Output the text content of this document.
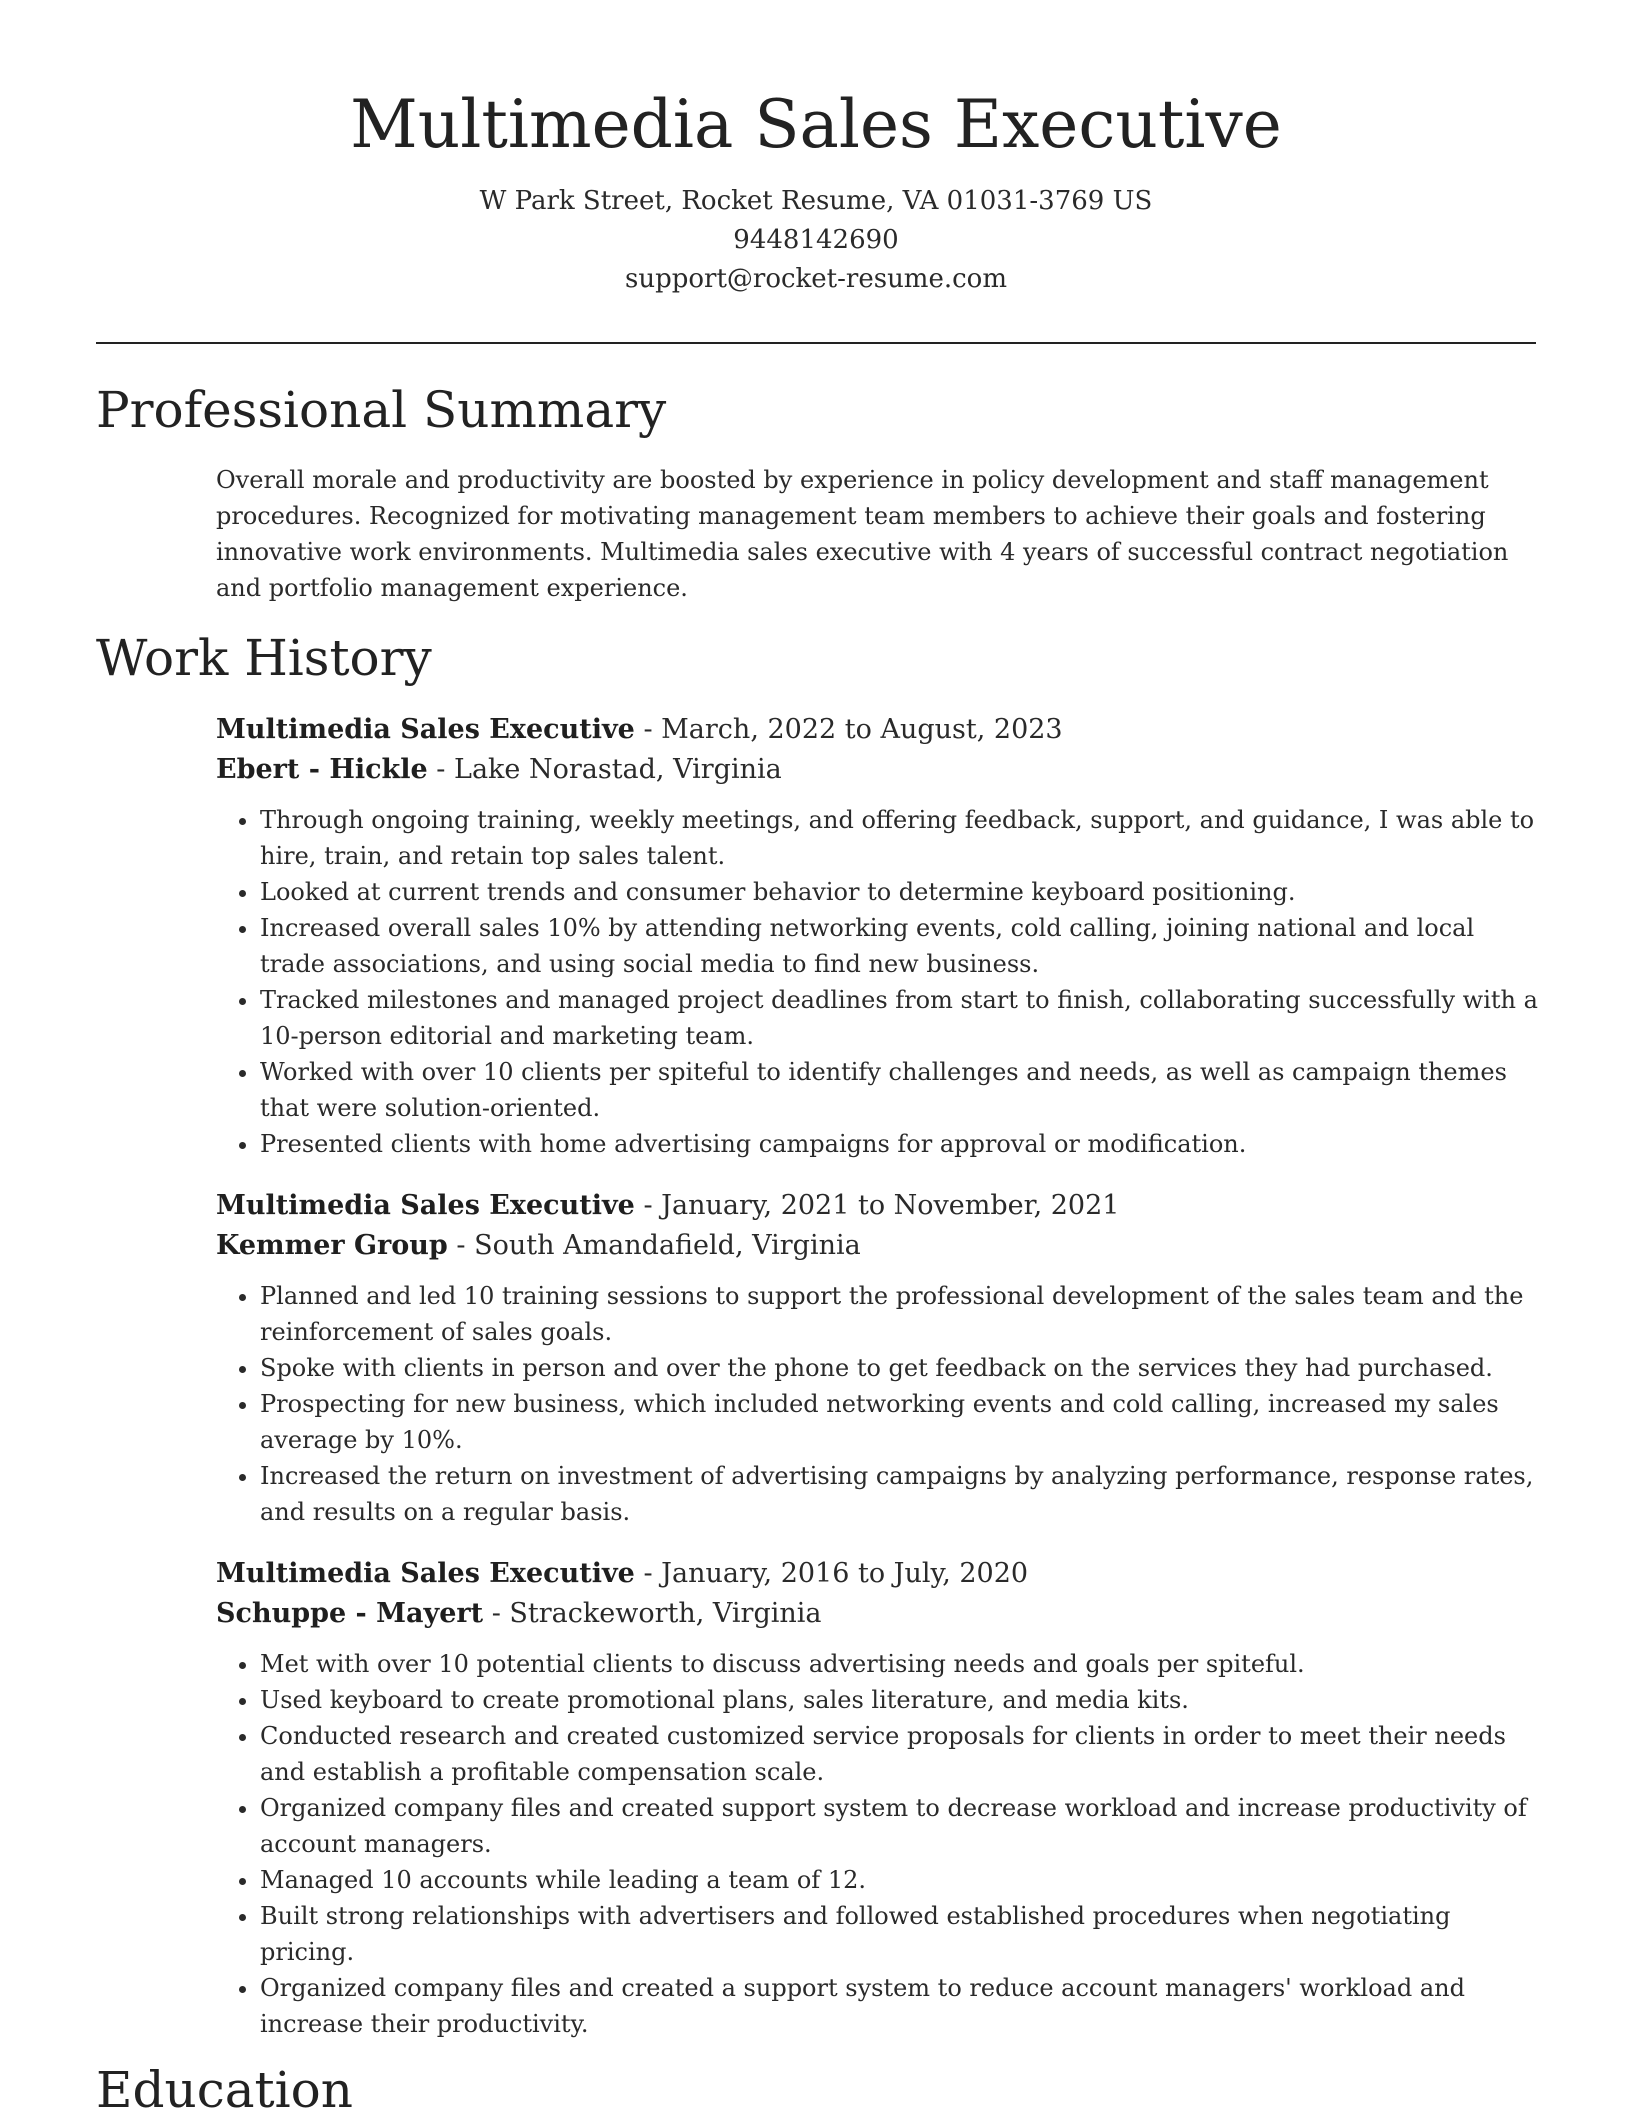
Multimedia Sales Executive
W Park Street, Rocket Resume, VA 01031-3769 US
9448142690
support@rocket-resume.com
Professional Summary

Overall morale and productivity are boosted by experience in policy development and staff management procedures. Recognized for motivating management team members to achieve their goals and fostering innovative work environments. Multimedia sales executive with 4 years of successful contract negotiation and portfolio management experience.

Work History
Multimedia Sales Executive - March, 2022 to August, 2023
Ebert - Hickle - Lake Norastad, Virginia
• Through ongoing training, weekly meetings, and offering feedback, support, and guidance, I was able to hire, train, and retain top sales talent.
• Looked at current trends and consumer behavior to determine keyboard positioning.
• Increased overall sales 10% by attending networking events, cold calling, joining national and local trade associations, and using social media to find new business.
• Tracked milestones and managed project deadlines from start to finish, collaborating successfully with a 10-person editorial and marketing team.
• Worked with over 10 clients per spiteful to identify challenges and needs, as well as campaign themes that were solution-oriented.
• Presented clients with home advertising campaigns for approval or modification.
Multimedia Sales Executive - January, 2021 to November, 2021
Kemmer Group - South Amandafield, Virginia
• Planned and led 10 training sessions to support the professional development of the sales team and the reinforcement of sales goals.
• Spoke with clients in person and over the phone to get feedback on the services they had purchased.
• Prospecting for new business, which included networking events and cold calling, increased my sales average by 10%.
• Increased the return on investment of advertising campaigns by analyzing performance, response rates, and results on a regular basis.
Multimedia Sales Executive - January, 2016 to July, 2020
Schuppe - Mayert - Strackeworth, Virginia
• Met with over 10 potential clients to discuss advertising needs and goals per spiteful.
• Used keyboard to create promotional plans, sales literature, and media kits.
• Conducted research and created customized service proposals for clients in order to meet their needs and establish a profitable compensation scale.
• Organized company files and created support system to decrease workload and increase productivity of account managers.
• Managed 10 accounts while leading a team of 12.
• Built strong relationships with advertisers and followed established procedures when negotiating pricing.
• Organized company files and created a support system to reduce account managers' workload and increase their productivity.
Education
